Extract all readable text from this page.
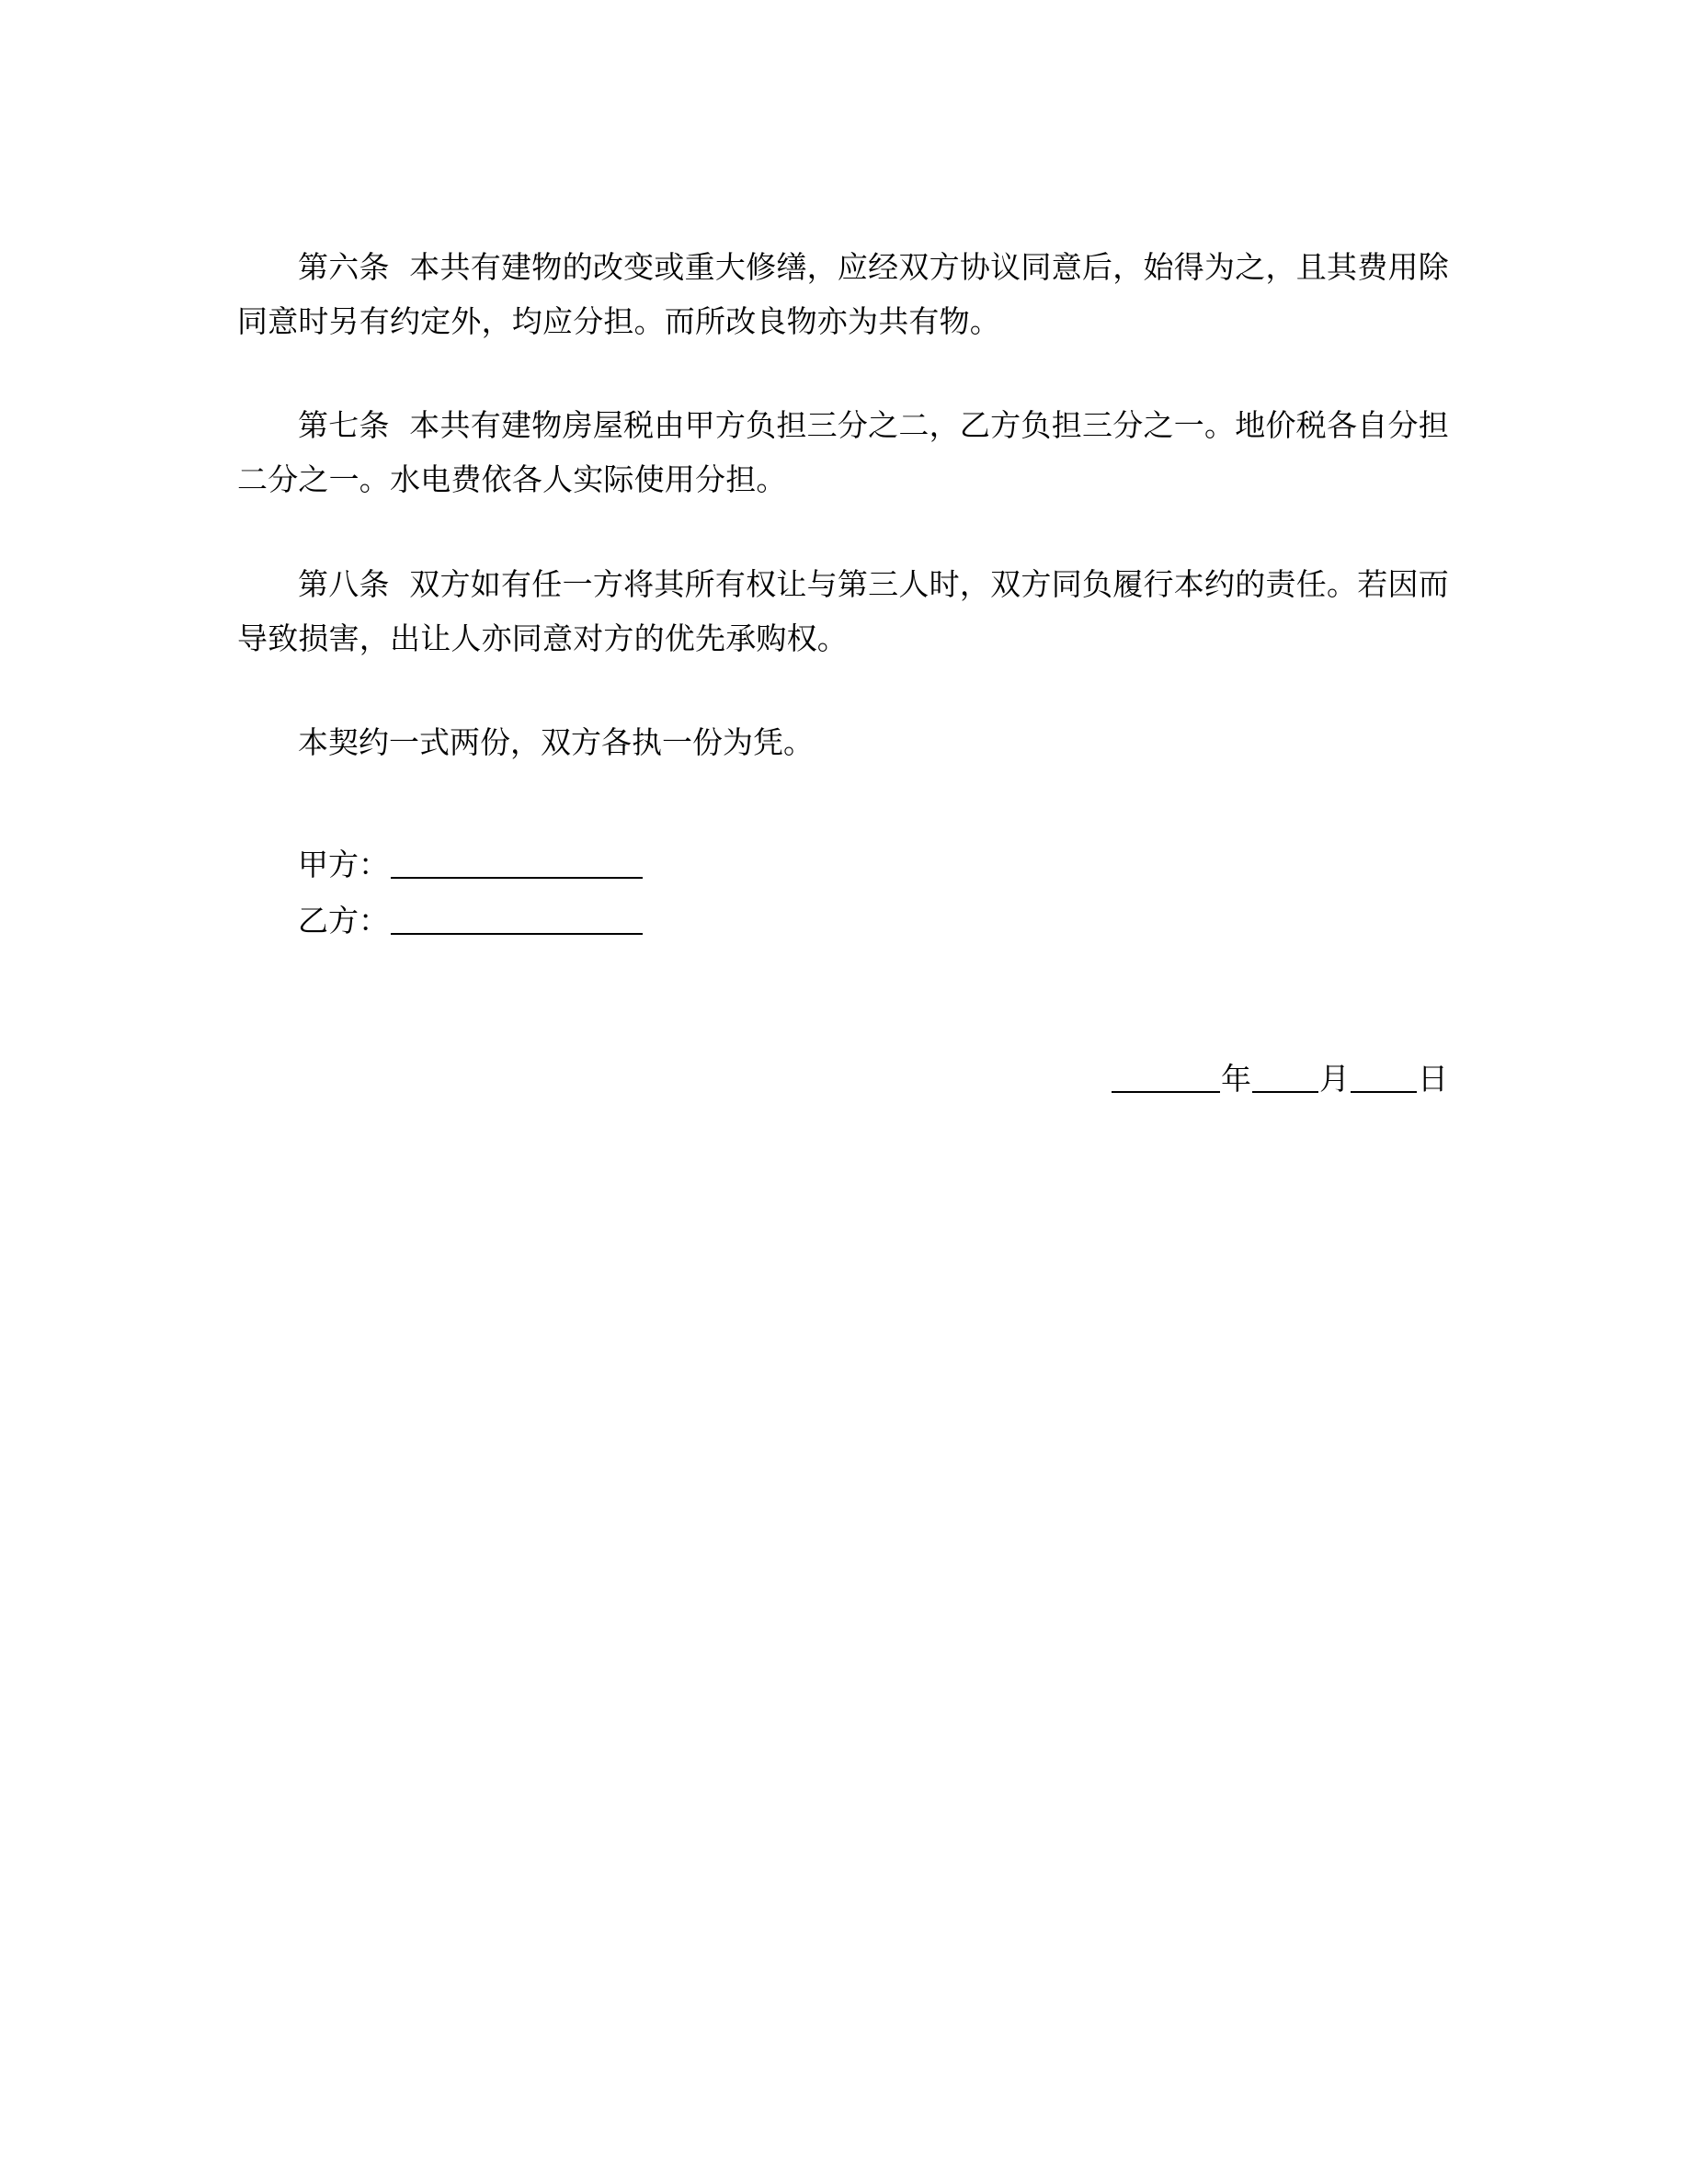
第六条 本共有建物的改变或重大修缮，应经双方协议同意后，始得为之，且其费用除同意时另有约定外，均应分担。而所改良物亦为共有物。

第七条 本共有建物房屋税由甲方负担三分之二，乙方负担三分之一。地价税各自分担二分之一。水电费依各人实际使用分担。

第八条 双方如有任一方将其所有权让与第三人时，双方同负履行本约的责任。若因而导致损害，出让人亦同意对方的优先承购权。

本契约一式两份，双方各执一份为凭。

甲方：
乙方：
年 月 日
